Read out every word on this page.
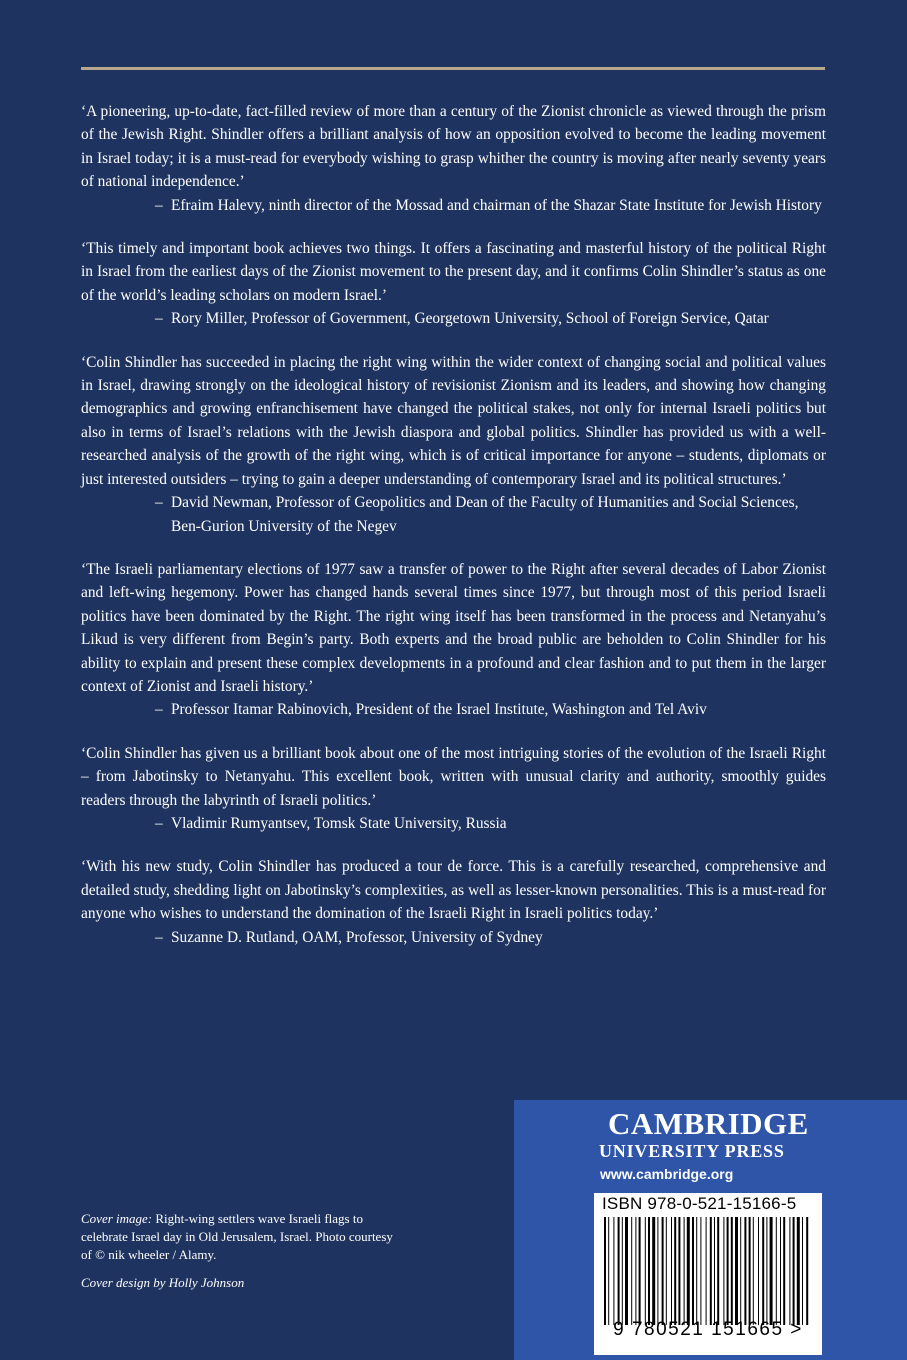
‘A pioneering, up-to-date, fact-filled review of more than a century of the Zionist chronicle as viewed through the prism of the Jewish Right. Shindler offers a brilliant analysis of how an opposition evolved to become the leading movement in Israel today; it is a must-read for everybody wishing to grasp whither the country is moving after nearly seventy years of national independence.’

– Efraim Halevy, ninth director of the Mossad and chairman of the Shazar State Institute for Jewish History

‘This timely and important book achieves two things. It offers a fascinating and masterful history of the political Right in Israel from the earliest days of the Zionist movement to the present day, and it confirms Colin Shindler’s status as one of the world’s leading scholars on modern Israel.’

– Rory Miller, Professor of Government, Georgetown University, School of Foreign Service, Qatar

‘Colin Shindler has succeeded in placing the right wing within the wider context of changing social and political values in Israel, drawing strongly on the ideological history of revisionist Zionism and its leaders, and showing how changing demographics and growing enfranchisement have changed the political stakes, not only for internal Israeli politics but also in terms of Israel’s relations with the Jewish diaspora and global politics. Shindler has provided us with a well-researched analysis of the growth of the right wing, which is of critical importance for anyone – students, diplomats or just interested outsiders – trying to gain a deeper understanding of contemporary Israel and its political structures.’

– David Newman, Professor of Geopolitics and Dean of the Faculty of Humanities and Social Sciences, Ben-Gurion University of the Negev

‘The Israeli parliamentary elections of 1977 saw a transfer of power to the Right after several decades of Labor Zionist and left-wing hegemony. Power has changed hands several times since 1977, but through most of this period Israeli politics have been dominated by the Right. The right wing itself has been transformed in the process and Netanyahu’s Likud is very different from Begin’s party. Both experts and the broad public are beholden to Colin Shindler for his ability to explain and present these complex developments in a profound and clear fashion and to put them in the larger context of Zionist and Israeli history.’

– Professor Itamar Rabinovich, President of the Israel Institute, Washington and Tel Aviv

‘Colin Shindler has given us a brilliant book about one of the most intriguing stories of the evolution of the Israeli Right – from Jabotinsky to Netanyahu. This excellent book, written with unusual clarity and authority, smoothly guides readers through the labyrinth of Israeli politics.’

– Vladimir Rumyantsev, Tomsk State University, Russia

‘With his new study, Colin Shindler has produced a tour de force. This is a carefully researched, comprehensive and detailed study, shedding light on Jabotinsky’s complexities, as well as lesser-known personalities. This is a must-read for anyone who wishes to understand the domination of the Israeli Right in Israeli politics today.’

– Suzanne D. Rutland, OAM, Professor, University of Sydney

Cover image: Right-wing settlers wave Israeli flags to celebrate Israel day in Old Jerusalem, Israel. Photo courtesy of © nik wheeler / Alamy.

Cover design by Holly Johnson

CAMBRIDGE
UNIVERSITY PRESS
www.cambridge.org
ISBN 978-0-521-15166-5
9 780521 151665 >
